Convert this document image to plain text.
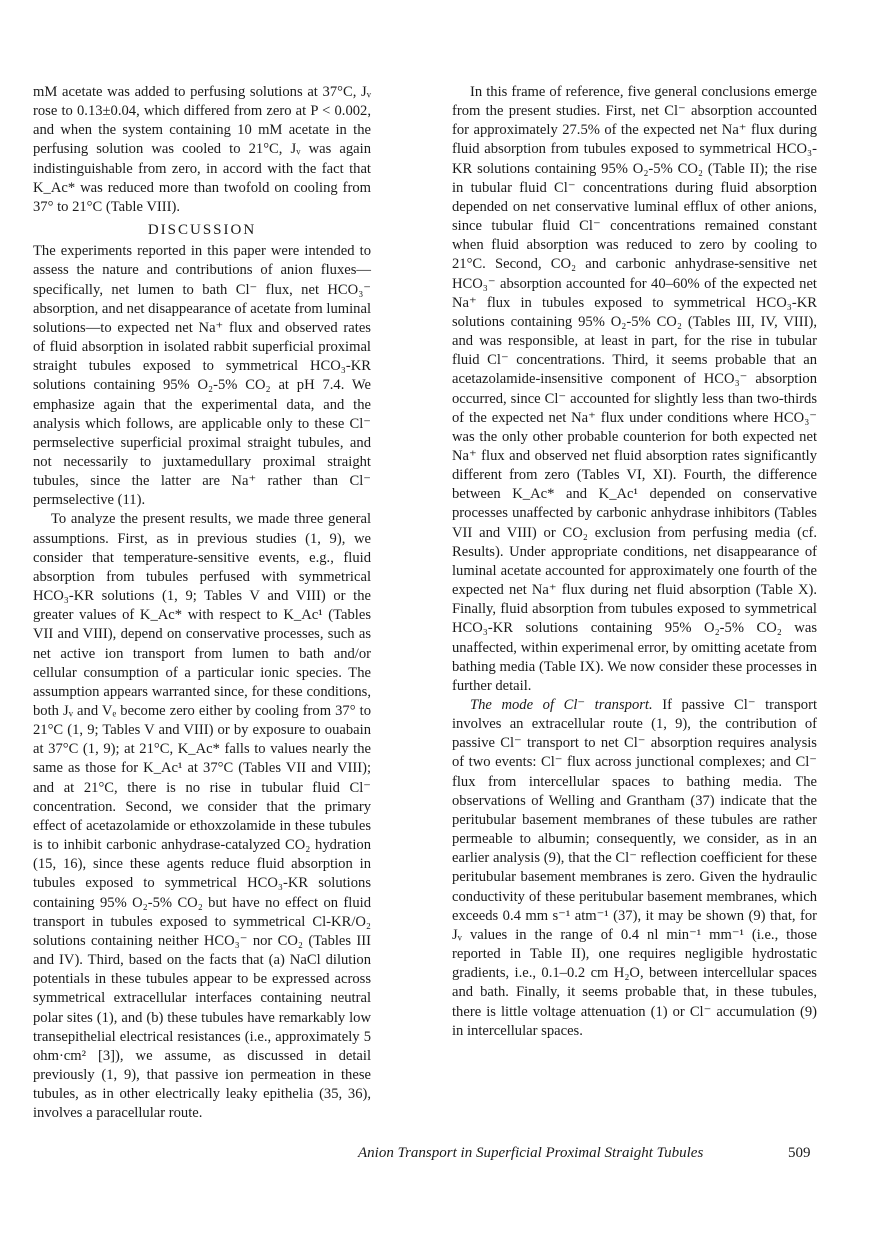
mM acetate was added to perfusing solutions at 37°C, Jᵥ rose to 0.13±0.04, which differed from zero at P < 0.002, and when the system containing 10 mM acetate in the perfusing solution was cooled to 21°C, Jᵥ was again indistinguishable from zero, in accord with the fact that K_Ac* was reduced more than twofold on cooling from 37° to 21°C (Table VIII).

DISCUSSION

The experiments reported in this paper were intended to assess the nature and contributions of anion fluxes—specifically, net lumen to bath Cl⁻ flux, net HCO₃⁻ absorption, and net disappearance of acetate from luminal solutions—to expected net Na⁺ flux and observed rates of fluid absorption in isolated rabbit superficial proximal straight tubules exposed to symmetrical HCO₃-KR solutions containing 95% O₂-5% CO₂ at pH 7.4. We emphasize again that the experimental data, and the analysis which follows, are applicable only to these Cl⁻ permselective superficial proximal straight tubules, and not necessarily to juxtamedullary proximal straight tubules, since the latter are Na⁺ rather than Cl⁻ permselective (11).

To analyze the present results, we made three general assumptions. First, as in previous studies (1, 9), we consider that temperature-sensitive events, e.g., fluid absorption from tubules perfused with symmetrical HCO₃-KR solutions (1, 9; Tables V and VIII) or the greater values of K_Ac* with respect to K_Ac¹ (Tables VII and VIII), depend on conservative processes, such as net active ion transport from lumen to bath and/or cellular consumption of a particular ionic species. The assumption appears warranted since, for these conditions, both Jᵥ and Vₑ become zero either by cooling from 37° to 21°C (1, 9; Tables V and VIII) or by exposure to ouabain at 37°C (1, 9); at 21°C, K_Ac* falls to values nearly the same as those for K_Ac¹ at 37°C (Tables VII and VIII); and at 21°C, there is no rise in tubular fluid Cl⁻ concentration. Second, we consider that the primary effect of acetazolamide or ethoxzolamide in these tubules is to inhibit carbonic anhydrase-catalyzed CO₂ hydration (15, 16), since these agents reduce fluid absorption in tubules exposed to symmetrical HCO₃-KR solutions containing 95% O₂-5% CO₂ but have no effect on fluid transport in tubules exposed to symmetrical Cl-KR/O₂ solutions containing neither HCO₃⁻ nor CO₂ (Tables III and IV). Third, based on the facts that (a) NaCl dilution potentials in these tubules appear to be expressed across symmetrical extracellular interfaces containing neutral polar sites (1), and (b) these tubules have remarkably low transepithelial electrical resistances (i.e., approximately 5 ohm·cm² [3]), we assume, as discussed in detail previously (1, 9), that passive ion permeation in these tubules, as in other electrically leaky epithelia (35, 36), involves a paracellular route.

In this frame of reference, five general conclusions emerge from the present studies. First, net Cl⁻ absorption accounted for approximately 27.5% of the expected net Na⁺ flux during fluid absorption from tubules exposed to symmetrical HCO₃-KR solutions containing 95% O₂-5% CO₂ (Table II); the rise in tubular fluid Cl⁻ concentrations during fluid absorption depended on net conservative luminal efflux of other anions, since tubular fluid Cl⁻ concentrations remained constant when fluid absorption was reduced to zero by cooling to 21°C. Second, CO₂ and carbonic anhydrase-sensitive net HCO₃⁻ absorption accounted for 40–60% of the expected net Na⁺ flux in tubules exposed to symmetrical HCO₃-KR solutions containing 95% O₂-5% CO₂ (Tables III, IV, VIII), and was responsible, at least in part, for the rise in tubular fluid Cl⁻ concentrations. Third, it seems probable that an acetazolamide-insensitive component of HCO₃⁻ absorption occurred, since Cl⁻ accounted for slightly less than two-thirds of the expected net Na⁺ flux under conditions where HCO₃⁻ was the only other probable counterion for both expected net Na⁺ flux and observed net fluid absorption rates significantly different from zero (Tables VI, XI). Fourth, the difference between K_Ac* and K_Ac¹ depended on conservative processes unaffected by carbonic anhydrase inhibitors (Tables VII and VIII) or CO₂ exclusion from perfusing media (cf. Results). Under appropriate conditions, net disappearance of luminal acetate accounted for approximately one fourth of the expected net Na⁺ flux during net fluid absorption (Table X). Finally, fluid absorption from tubules exposed to symmetrical HCO₃-KR solutions containing 95% O₂-5% CO₂ was unaffected, within experimenal error, by omitting acetate from bathing media (Table IX). We now consider these processes in further detail.

The mode of Cl⁻ transport. If passive Cl⁻ transport involves an extracellular route (1, 9), the contribution of passive Cl⁻ transport to net Cl⁻ absorption requires analysis of two events: Cl⁻ flux across junctional complexes; and Cl⁻ flux from intercellular spaces to bathing media. The observations of Welling and Grantham (37) indicate that the peritubular basement membranes of these tubules are rather permeable to albumin; consequently, we consider, as in an earlier analysis (9), that the Cl⁻ reflection coefficient for these peritubular basement membranes is zero. Given the hydraulic conductivity of these peritubular basement membranes, which exceeds 0.4 mm s⁻¹ atm⁻¹ (37), it may be shown (9) that, for Jᵥ values in the range of 0.4 nl min⁻¹ mm⁻¹ (i.e., those reported in Table II), one requires negligible hydrostatic gradients, i.e., 0.1–0.2 cm H₂O, between intercellular spaces and bath. Finally, it seems probable that, in these tubules, there is little voltage attenuation (1) or Cl⁻ accumulation (9) in intercellular spaces.

Anion Transport in Superficial Proximal Straight Tubules	509
